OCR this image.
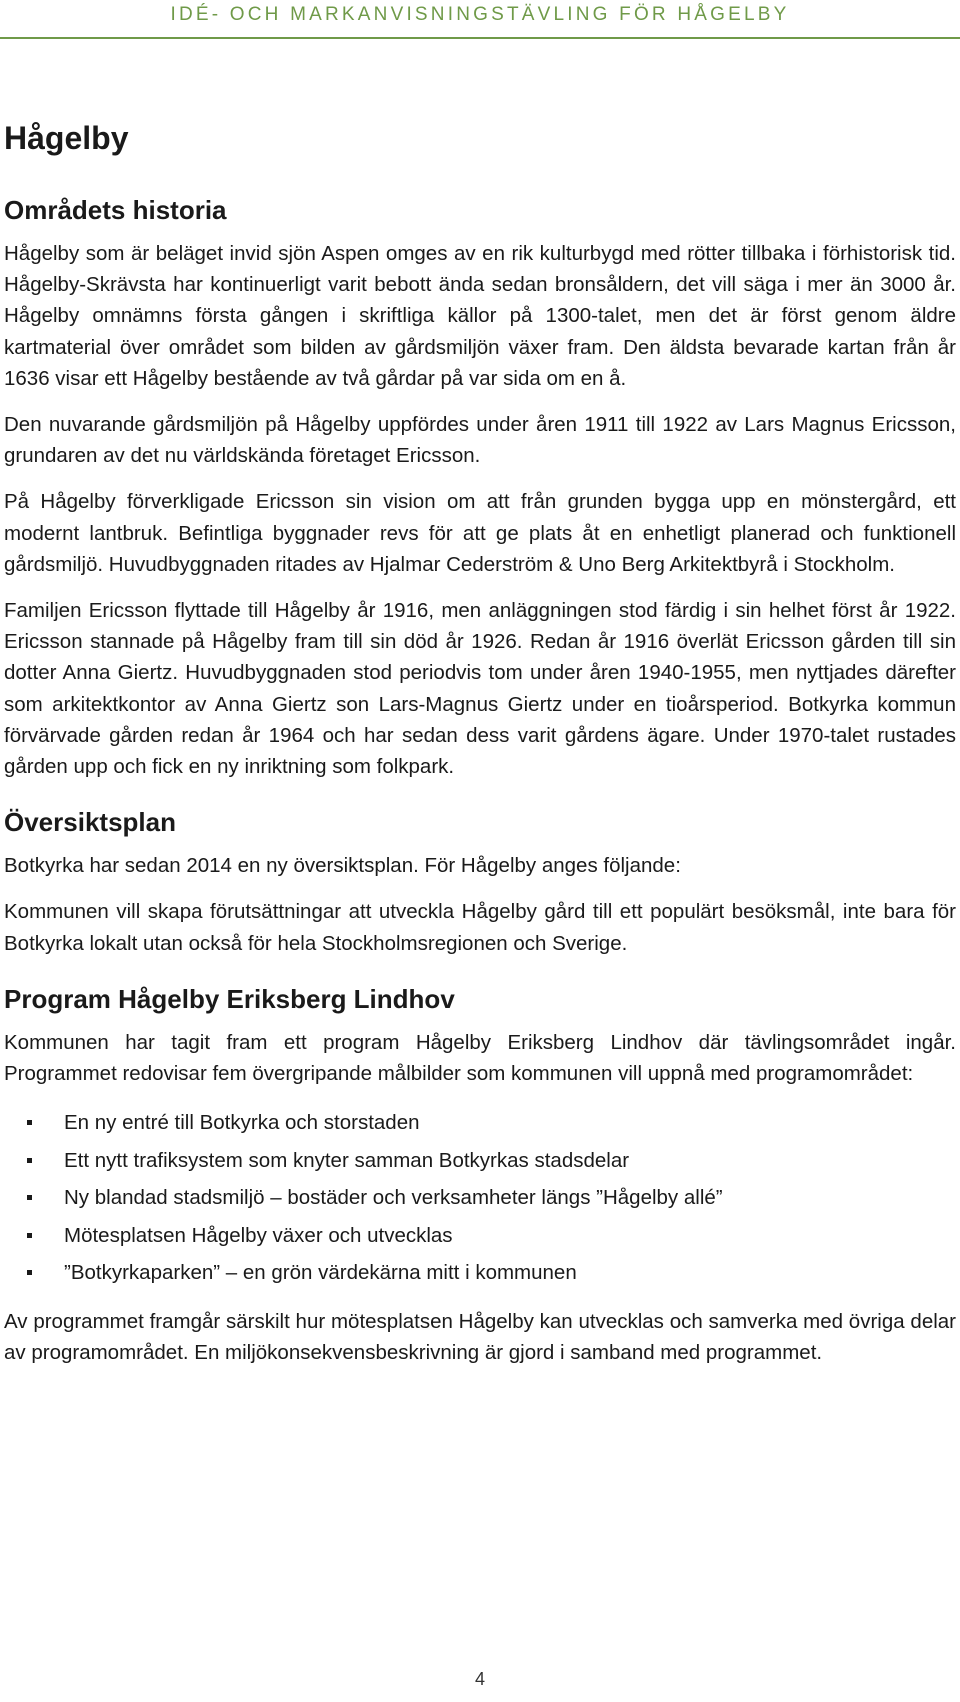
IDÉ- OCH MARKANVISNINGSTÄVLING FÖR HÅGELBY
Hågelby
Områdets historia

Hågelby som är beläget invid sjön Aspen omges av en rik kulturbygd med rötter tillbaka i förhistorisk tid. Hågelby-Skrävsta har kontinuerligt varit bebott ända sedan bronsåldern, det vill säga i mer än 3000 år. Hågelby omnämns första gången i skriftliga källor på 1300-talet, men det är först genom äldre kartmaterial över området som bilden av gårdsmiljön växer fram. Den äldsta bevarade kartan från år 1636 visar ett Hågelby bestående av två gårdar på var sida om en å.

Den nuvarande gårdsmiljön på Hågelby uppfördes under åren 1911 till 1922 av Lars Magnus Ericsson, grundaren av det nu världskända företaget Ericsson.

På Hågelby förverkligade Ericsson sin vision om att från grunden bygga upp en mönstergård, ett modernt lantbruk. Befintliga byggnader revs för att ge plats åt en enhetligt planerad och funktionell gårdsmiljö. Huvudbyggnaden ritades av Hjalmar Cederström & Uno Berg Arkitektbyrå i Stockholm.

Familjen Ericsson flyttade till Hågelby år 1916, men anläggningen stod färdig i sin helhet först år 1922. Ericsson stannade på Hågelby fram till sin död år 1926. Redan år 1916 överlät Ericsson gården till sin dotter Anna Giertz. Huvudbyggnaden stod periodvis tom under åren 1940-1955, men nyttjades därefter som arkitektkontor av Anna Giertz son Lars-Magnus Giertz under en tioårsperiod. Botkyrka kommun förvärvade gården redan år 1964 och har sedan dess varit gårdens ägare. Under 1970-talet rustades gården upp och fick en ny inriktning som folkpark.

Översiktsplan

Botkyrka har sedan 2014 en ny översiktsplan. För Hågelby anges följande:

Kommunen vill skapa förutsättningar att utveckla Hågelby gård till ett populärt besöksmål, inte bara för Botkyrka lokalt utan också för hela Stockholmsregionen och Sverige.

Program Hågelby Eriksberg Lindhov

Kommunen har tagit fram ett program Hågelby Eriksberg Lindhov där tävlingsområdet ingår. Programmet redovisar fem övergripande målbilder som kommunen vill uppnå med programområdet:

En ny entré till Botkyrka och storstaden
Ett nytt trafiksystem som knyter samman Botkyrkas stadsdelar
Ny blandad stadsmiljö – bostäder och verksamheter längs ”Hågelby allé”
Mötesplatsen Hågelby växer och utvecklas
”Botkyrkaparken” – en grön värdekärna mitt i kommunen

Av programmet framgår särskilt hur mötesplatsen Hågelby kan utvecklas och samverka med övriga delar av programområdet. En miljökonsekvensbeskrivning är gjord i samband med programmet.

4
